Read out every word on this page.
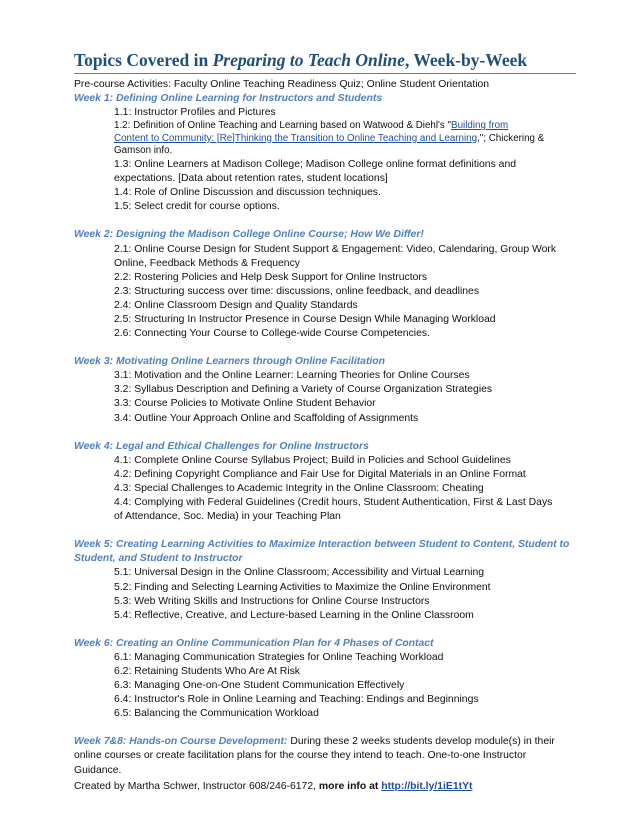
Topics Covered in Preparing to Teach Online, Week-by-Week
Pre-course Activities: Faculty Online Teaching Readiness Quiz; Online Student Orientation
Week 1: Defining Online Learning for Instructors and Students
1.1: Instructor Profiles and Pictures
1.2: Definition of Online Teaching and Learning based on Watwood & Diehl's "Building from
Content to Community: [Re]Thinking the Transition to Online Teaching and Learning,"; Chickering &
Gamson info.
1.3: Online Learners at Madison College; Madison College online format definitions and
expectations. [Data about retention rates, student locations]
1.4: Role of Online Discussion and discussion techniques.
1.5: Select credit for course options.
Week 2: Designing the Madison College Online Course; How We Differ!
2.1: Online Course Design for Student Support & Engagement: Video, Calendaring, Group Work
Online, Feedback Methods & Frequency
2.2: Rostering Policies and Help Desk Support for Online Instructors
2.3: Structuring success over time: discussions, online feedback, and deadlines
2.4: Online Classroom Design and Quality Standards
2.5: Structuring In Instructor Presence in Course Design While Managing Workload
2.6: Connecting Your Course to College-wide Course Competencies.
Week 3: Motivating Online Learners through Online Facilitation
3.1: Motivation and the Online Learner: Learning Theories for Online Courses
3.2: Syllabus Description and Defining a Variety of Course Organization Strategies
3.3: Course Policies to Motivate Online Student Behavior
3.4: Outline Your Approach Online and Scaffolding of Assignments
Week 4: Legal and Ethical Challenges for Online Instructors
4.1: Complete Online Course Syllabus Project; Build in Policies and School Guidelines
4.2: Defining Copyright Compliance and Fair Use for Digital Materials in an Online Format
4.3: Special Challenges to Academic Integrity in the Online Classroom: Cheating
4.4: Complying with Federal Guidelines (Credit hours, Student Authentication, First & Last Days
of Attendance, Soc. Media) in your Teaching Plan
Week 5: Creating Learning Activities to Maximize Interaction between Student to Content, Student to
Student, and Student to Instructor
5.1: Universal Design in the Online Classroom; Accessibility and Virtual Learning
5.2: Finding and Selecting Learning Activities to Maximize the Online Environment
5.3: Web Writing Skills and Instructions for Online Course Instructors
5.4: Reflective, Creative, and Lecture-based Learning in the Online Classroom
Week 6: Creating an Online Communication Plan for 4 Phases of Contact
6.1: Managing Communication Strategies for Online Teaching Workload
6.2: Retaining Students Who Are At Risk
6.3: Managing One-on-One Student Communication Effectively
6.4: Instructor's Role in Online Learning and Teaching: Endings and Beginnings
6.5: Balancing the Communication Workload
Week 7&8: Hands-on Course Development: During these 2 weeks students develop module(s) in their
online courses or create facilitation plans for the course they intend to teach. One-to-one Instructor
Guidance.
Created by Martha Schwer, Instructor 608/246-6172, more info at http://bit.ly/1iE1tYt
